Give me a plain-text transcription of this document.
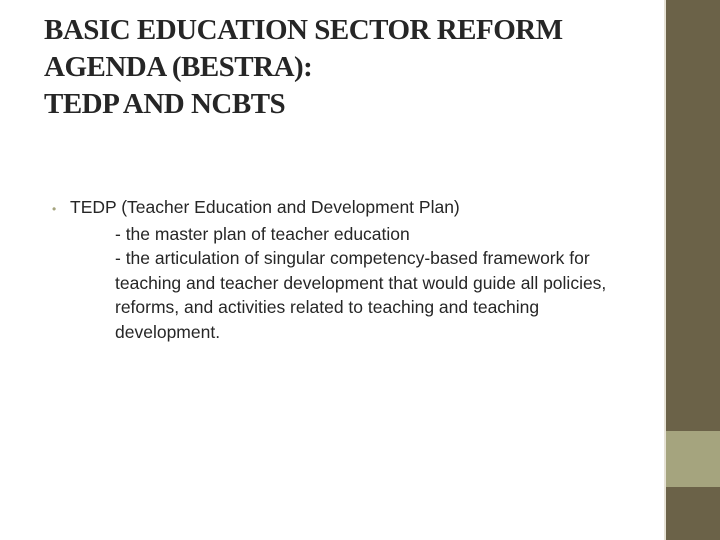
BASIC EDUCATION SECTOR REFORM
AGENDA (BESTRA):
TEDP AND NCBTS
• TEDP (Teacher Education and Development Plan)
- the master plan of teacher education
- the articulation of singular competency-based framework for teaching and teacher development that would guide all policies, reforms, and activities related to teaching and teaching development.
